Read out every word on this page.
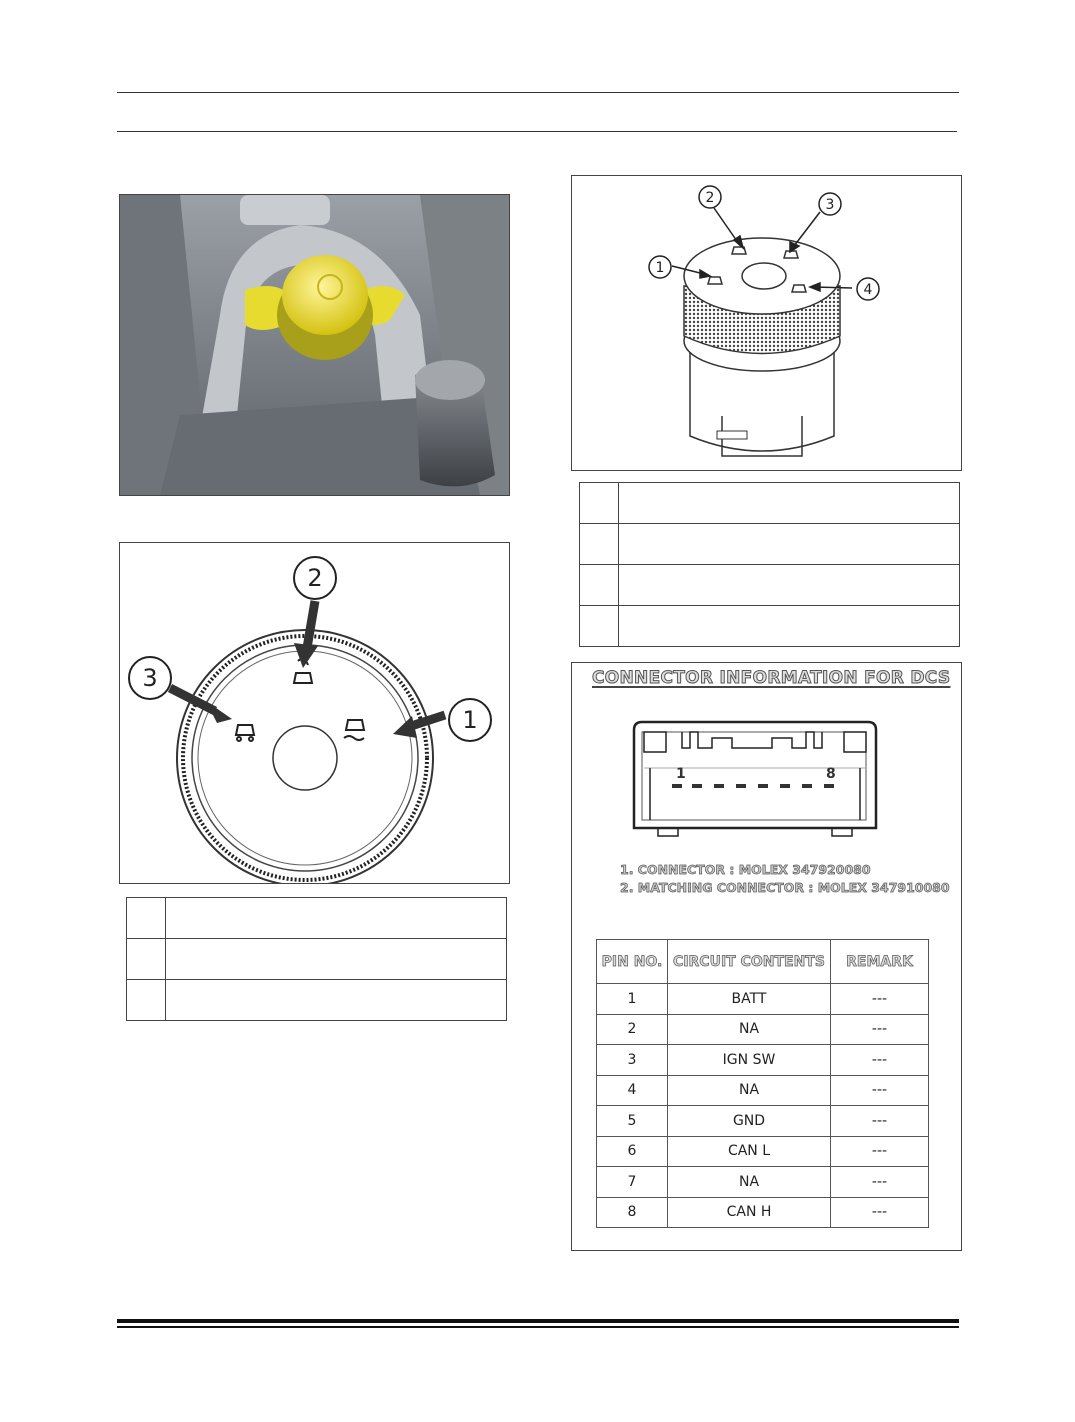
2
3
1

2	3
1
4

CONNECTOR INFORMATION FOR DCS
1	8
1. CONNECTOR : MOLEX 347920080
2. MATCHING CONNECTOR : MOLEX 347910080
PIN NO.	CIRCUIT CONTENTS	REMARK
1	BATT	---
2	NA	---
3	IGN SW	---
4	NA	---
5	GND	---
6	CAN L	---
7	NA	---
8	CAN H	---
